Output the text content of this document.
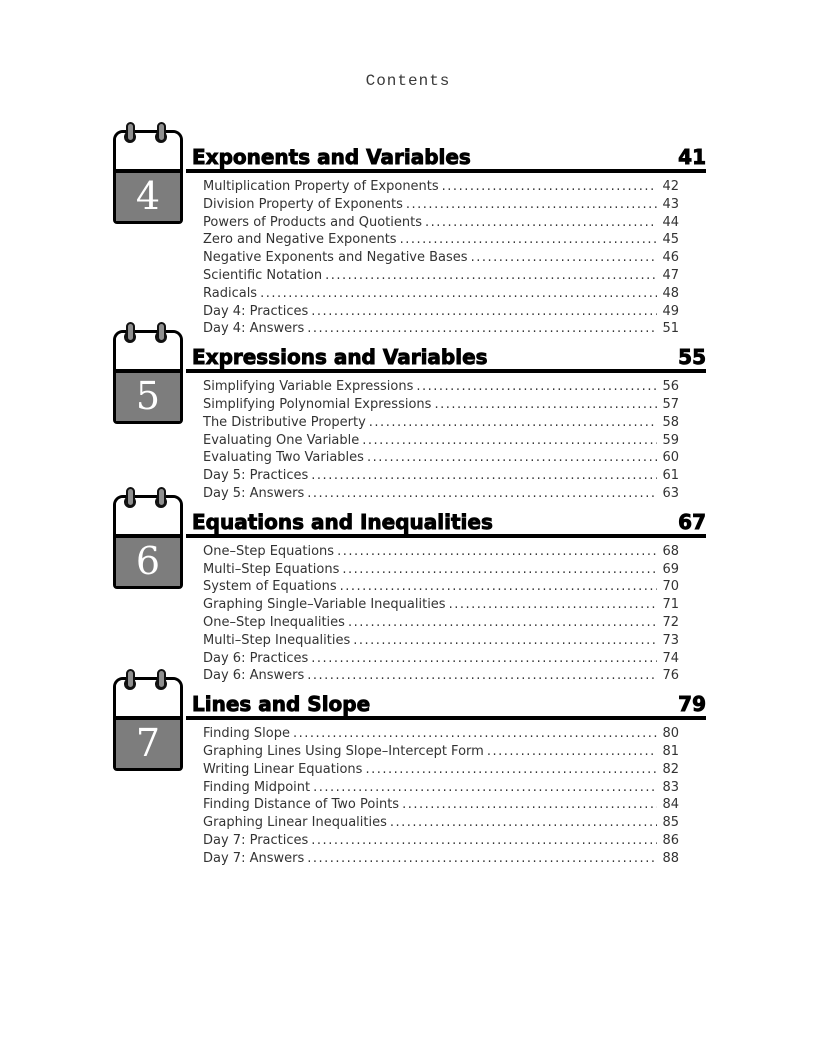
Contents
4
Exponents and Variables	41
Multiplication Property of Exponents .....	42
Division Property of Exponents .....	43
Powers of Products and Quotients .....	44
Zero and Negative Exponents .....	45
Negative Exponents and Negative Bases .....	46
Scientific Notation .....	47
Radicals .....	48
Day 4: Practices .....	49
Day 4: Answers .....	51
5
Expressions and Variables	55
Simplifying Variable Expressions .....	56
Simplifying Polynomial Expressions .....	57
The Distributive Property .....	58
Evaluating One Variable .....	59
Evaluating Two Variables .....	60
Day 5: Practices .....	61
Day 5: Answers .....	63
6
Equations and Inequalities	67
One–Step Equations .....	68
Multi–Step Equations .....	69
System of Equations .....	70
Graphing Single–Variable Inequalities .....	71
One–Step Inequalities .....	72
Multi–Step Inequalities .....	73
Day 6: Practices .....	74
Day 6: Answers .....	76
7
Lines and Slope	79
Finding Slope .....	80
Graphing Lines Using Slope–Intercept Form .....	81
Writing Linear Equations .....	82
Finding Midpoint .....	83
Finding Distance of Two Points .....	84
Graphing Linear Inequalities .....	85
Day 7: Practices .....	86
Day 7: Answers .....	88
